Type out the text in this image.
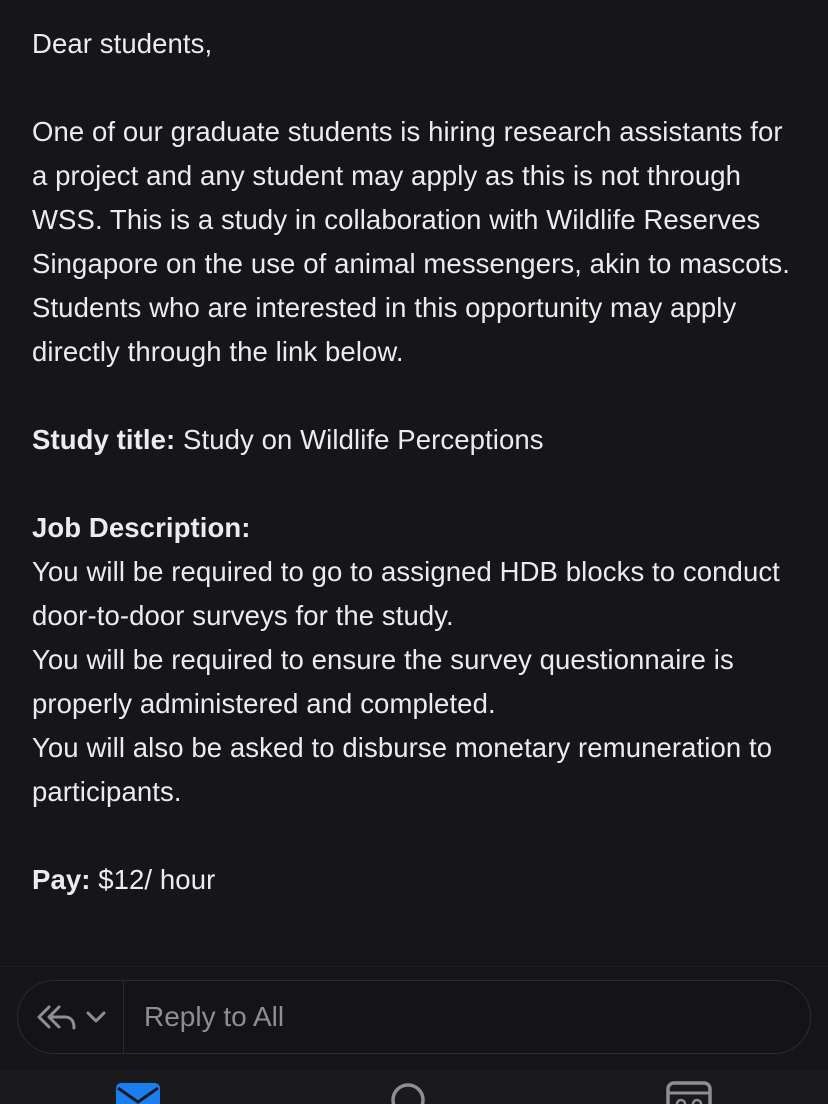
Dear students,

One of our graduate students is hiring research assistants for a project and any student may apply as this is not through WSS. This is a study in collaboration with Wildlife Reserves Singapore on the use of animal messengers, akin to mascots.

Students who are interested in this opportunity may apply directly through the link below.

Study title: Study on Wildlife Perceptions

Job Description:

You will be required to go to assigned HDB blocks to conduct door-to-door surveys for the study.

You will be required to ensure the survey questionnaire is properly administered and completed.

You will also be asked to disburse monetary remuneration to participants.

Pay: $12/ hour

Reply to All
